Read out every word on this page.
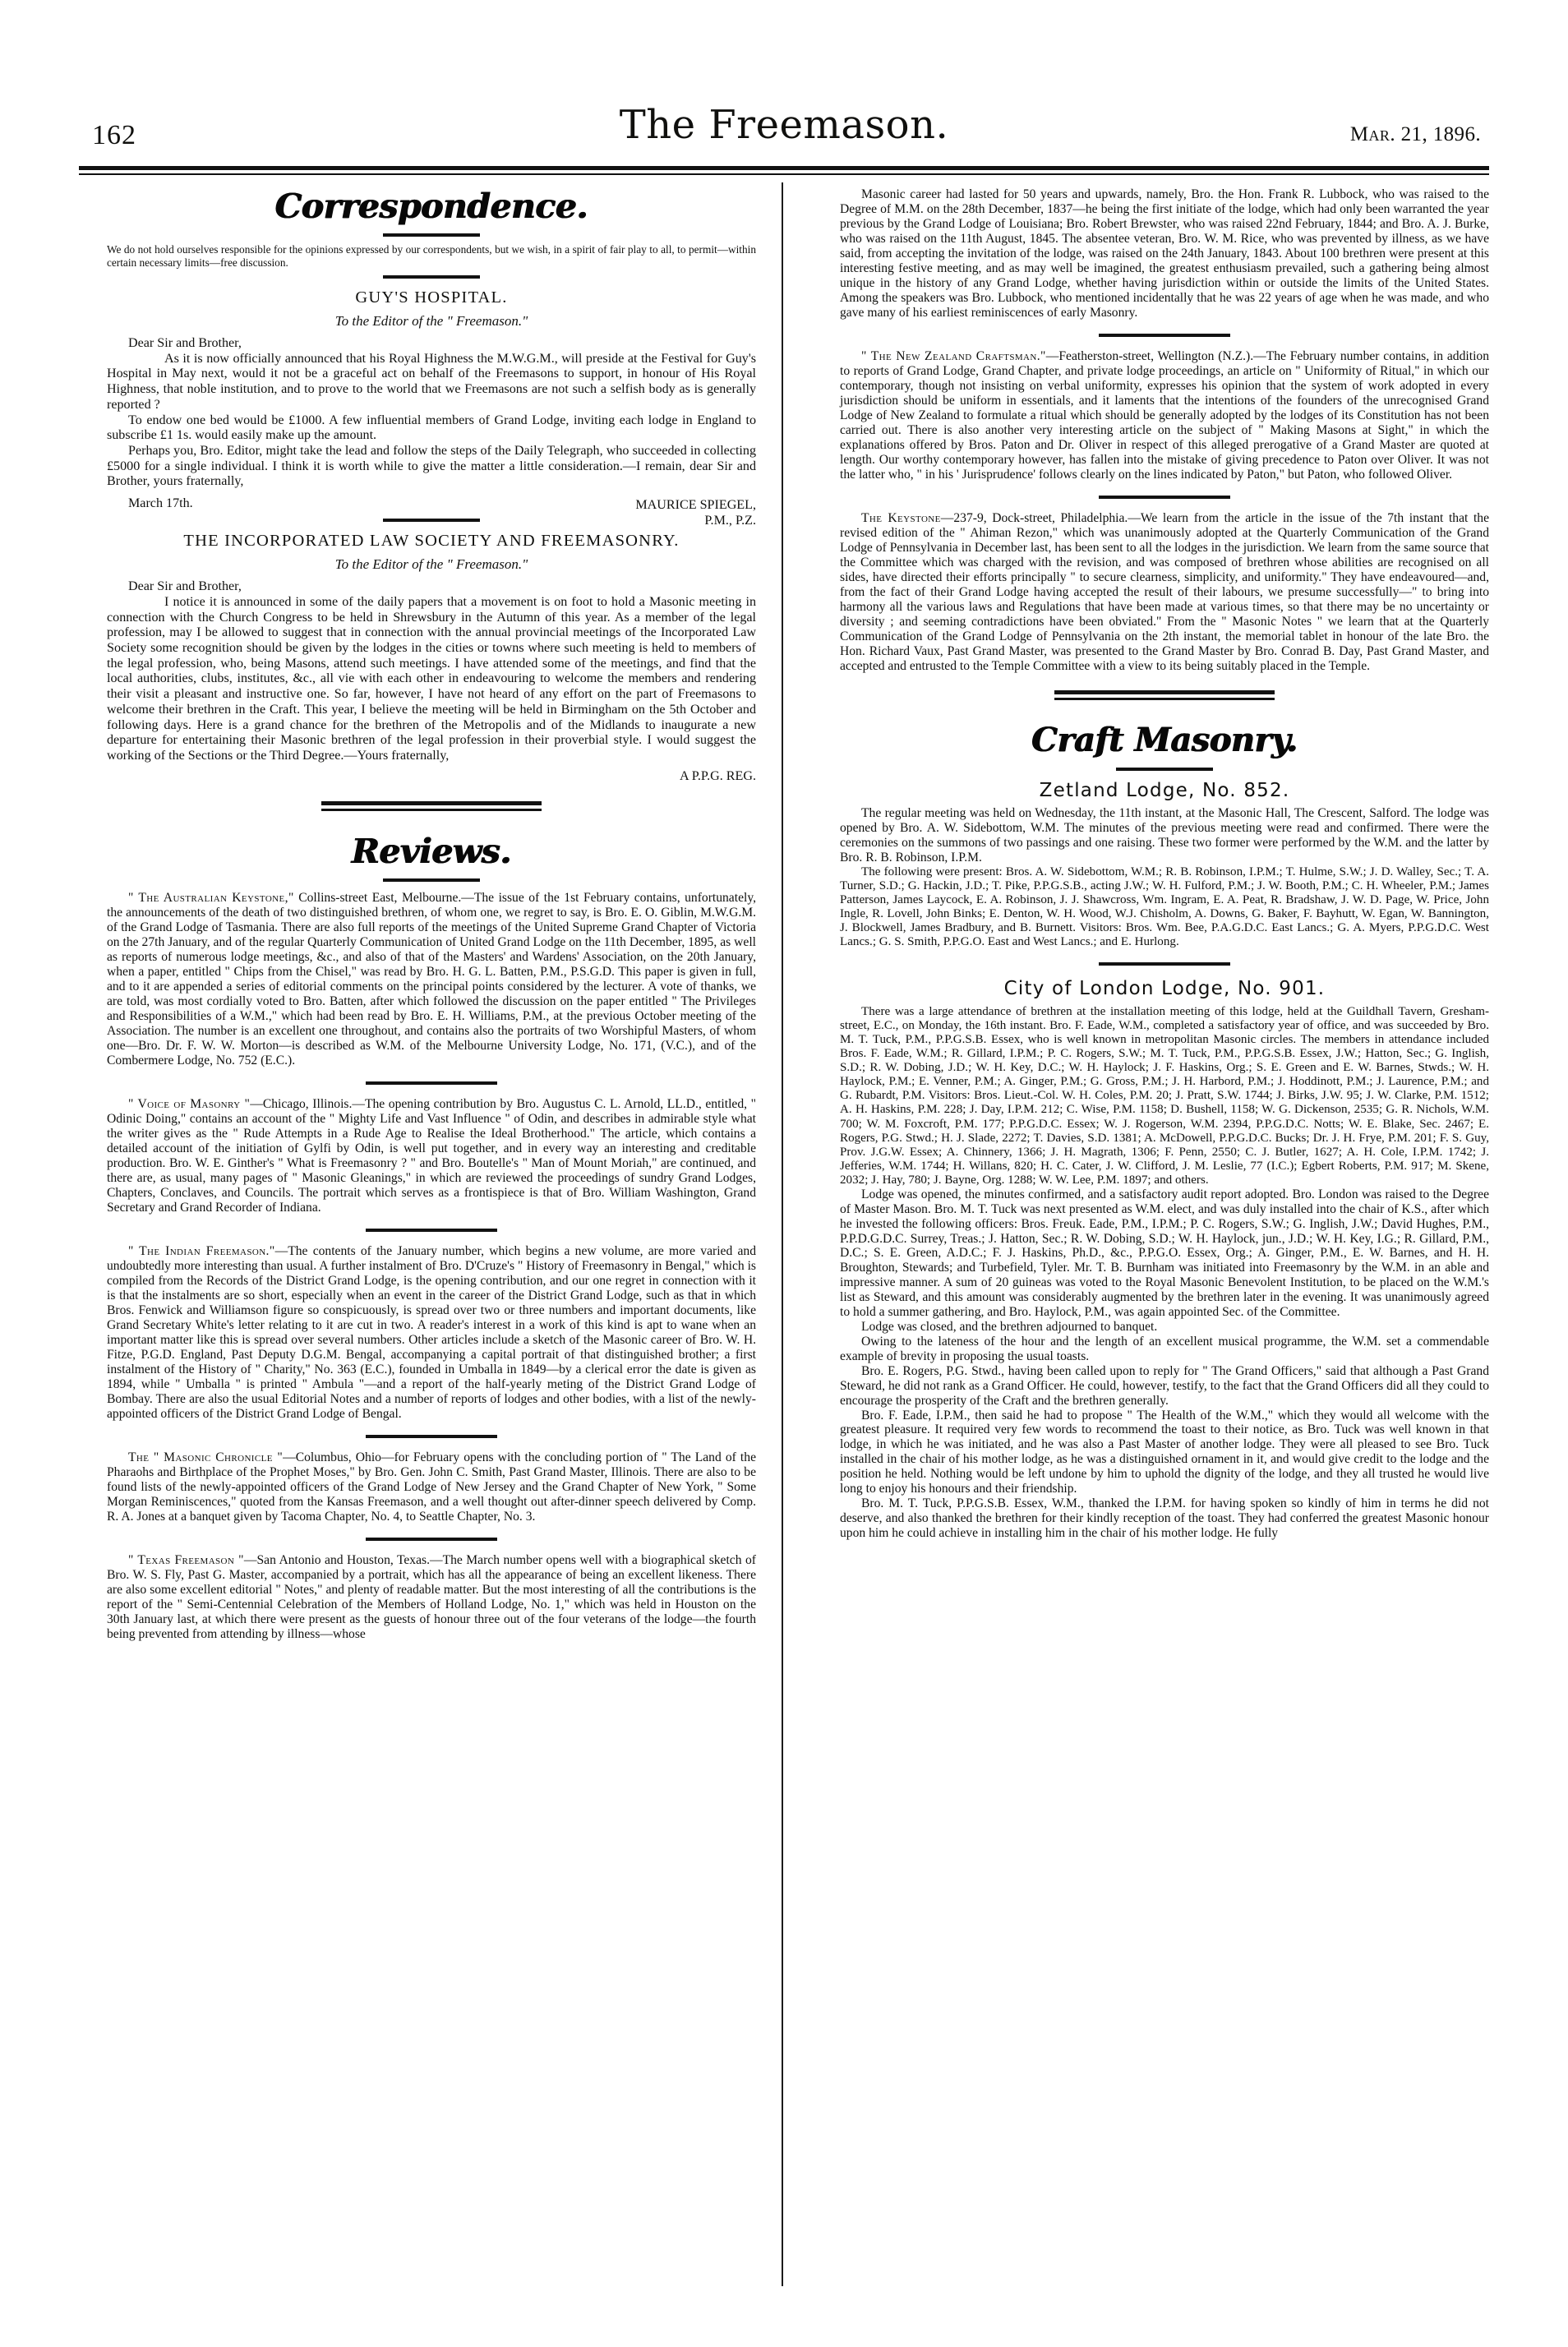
162	The Freemason.	Mar. 21, 1896.
Correspondence.
We do not hold ourselves responsible for the opinions expressed by our correspondents, but we wish, in a spirit of fair play to all, to permit—within certain necessary limits—free discussion.
GUY'S HOSPITAL.
To the Editor of the " Freemason."
Dear Sir and Brother,

As it is now officially announced that his Royal Highness the M.W.G.M., will preside at the Festival for Guy's Hospital in May next, would it not be a graceful act on behalf of the Freemasons to support, in honour of His Royal Highness, that noble institution, and to prove to the world that we Freemasons are not such a selfish body as is generally reported ?

To endow one bed would be £1000. A few influential members of Grand Lodge, inviting each lodge in England to subscribe £1 1s. would easily make up the amount.

Perhaps you, Bro. Editor, might take the lead and follow the steps of the Daily Telegraph, who succeeded in collecting £5000 for a single individual. I think it is worth while to give the matter a little consideration.—I remain, dear Sir and Brother, yours fraternally,

MAURICE SPIEGEL,
P.M., P.Z.
March 17th.
THE INCORPORATED LAW SOCIETY AND FREEMASONRY.
To the Editor of the " Freemason."
Dear Sir and Brother,

I notice it is announced in some of the daily papers that a movement is on foot to hold a Masonic meeting in connection with the Church Congress to be held in Shrewsbury in the Autumn of this year. As a member of the legal profession, may I be allowed to suggest that in connection with the annual provincial meetings of the Incorporated Law Society some recognition should be given by the lodges in the cities or towns where such meeting is held to members of the legal profession, who, being Masons, attend such meetings. I have attended some of the meetings, and find that the local authorities, clubs, institutes, &c., all vie with each other in endeavouring to welcome the members and rendering their visit a pleasant and instructive one. So far, however, I have not heard of any effort on the part of Freemasons to welcome their brethren in the Craft. This year, I believe the meeting will be held in Birmingham on the 5th October and following days. Here is a grand chance for the brethren of the Metropolis and of the Midlands to inaugurate a new departure for entertaining their Masonic brethren of the legal profession in their proverbial style. I would suggest the working of the Sections or the Third Degree.—Yours fraternally,

A P.P.G. REG.
Reviews.

" The Australian Keystone," Collins-street East, Melbourne.—The issue of the 1st February contains, unfortunately, the announcements of the death of two distinguished brethren, of whom one, we regret to say, is Bro. E. O. Giblin, M.W.G.M. of the Grand Lodge of Tasmania. There are also full reports of the meetings of the United Supreme Grand Chapter of Victoria on the 27th January, and of the regular Quarterly Communication of United Grand Lodge on the 11th December, 1895, as well as reports of numerous lodge meetings, &c., and also of that of the Masters' and Wardens' Association, on the 20th January, when a paper, entitled " Chips from the Chisel," was read by Bro. H. G. L. Batten, P.M., P.S.G.D. This paper is given in full, and to it are appended a series of editorial comments on the principal points considered by the lecturer. A vote of thanks, we are told, was most cordially voted to Bro. Batten, after which followed the discussion on the paper entitled " The Privileges and Responsibilities of a W.M.," which had been read by Bro. E. H. Williams, P.M., at the previous October meeting of the Association. The number is an excellent one throughout, and contains also the portraits of two Worshipful Masters, of whom one—Bro. Dr. F. W. W. Morton—is described as W.M. of the Melbourne University Lodge, No. 171, (V.C.), and of the Combermere Lodge, No. 752 (E.C.).

" Voice of Masonry "—Chicago, Illinois.—The opening contribution by Bro. Augustus C. L. Arnold, LL.D., entitled, " Odinic Doing," contains an account of the " Mighty Life and Vast Influence " of Odin, and describes in admirable style what the writer gives as the " Rude Attempts in a Rude Age to Realise the Ideal Brotherhood." The article, which contains a detailed account of the initiation of Gylfi by Odin, is well put together, and in every way an interesting and creditable production. Bro. W. E. Ginther's " What is Freemasonry ? " and Bro. Boutelle's " Man of Mount Moriah," are continued, and there are, as usual, many pages of " Masonic Gleanings," in which are reviewed the proceedings of sundry Grand Lodges, Chapters, Conclaves, and Councils. The portrait which serves as a frontispiece is that of Bro. William Washington, Grand Secretary and Grand Recorder of Indiana.

" The Indian Freemason."—The contents of the January number, which begins a new volume, are more varied and undoubtedly more interesting than usual. A further instalment of Bro. D'Cruze's " History of Freemasonry in Bengal," which is compiled from the Records of the District Grand Lodge, is the opening contribution, and our one regret in connection with it is that the instalments are so short, especially when an event in the career of the District Grand Lodge, such as that in which Bros. Fenwick and Williamson figure so conspicuously, is spread over two or three numbers and important documents, like Grand Secretary White's letter relating to it are cut in two. A reader's interest in a work of this kind is apt to wane when an important matter like this is spread over several numbers. Other articles include a sketch of the Masonic career of Bro. W. H. Fitze, P.G.D. England, Past Deputy D.G.M. Bengal, accompanying a capital portrait of that distinguished brother; a first instalment of the History of " Charity," No. 363 (E.C.), founded in Umballa in 1849—by a clerical error the date is given as 1894, while " Umballa " is printed " Ambula "—and a report of the half-yearly meting of the District Grand Lodge of Bombay. There are also the usual Editorial Notes and a number of reports of lodges and other bodies, with a list of the newly-appointed officers of the District Grand Lodge of Bengal.

The " Masonic Chronicle "—Columbus, Ohio—for February opens with the concluding portion of " The Land of the Pharaohs and Birthplace of the Prophet Moses," by Bro. Gen. John C. Smith, Past Grand Master, Illinois. There are also to be found lists of the newly-appointed officers of the Grand Lodge of New Jersey and the Grand Chapter of New York, " Some Morgan Reminiscences," quoted from the Kansas Freemason, and a well thought out after-dinner speech delivered by Comp. R. A. Jones at a banquet given by Tacoma Chapter, No. 4, to Seattle Chapter, No. 3.

" Texas Freemason "—San Antonio and Houston, Texas.—The March number opens well with a biographical sketch of Bro. W. S. Fly, Past G. Master, accompanied by a portrait, which has all the appearance of being an excellent likeness. There are also some excellent editorial " Notes," and plenty of readable matter. But the most interesting of all the contributions is the report of the " Semi-Centennial Celebration of the Members of Holland Lodge, No. 1," which was held in Houston on the 30th January last, at which there were present as the guests of honour three out of the four veterans of the lodge—the fourth being prevented from attending by illness—whose

Masonic career had lasted for 50 years and upwards, namely, Bro. the Hon. Frank R. Lubbock, who was raised to the Degree of M.M. on the 28th December, 1837—he being the first initiate of the lodge, which had only been warranted the year previous by the Grand Lodge of Louisiana; Bro. Robert Brewster, who was raised 22nd February, 1844; and Bro. A. J. Burke, who was raised on the 11th August, 1845. The absentee veteran, Bro. W. M. Rice, who was prevented by illness, as we have said, from accepting the invitation of the lodge, was raised on the 24th January, 1843. About 100 brethren were present at this interesting festive meeting, and as may well be imagined, the greatest enthusiasm prevailed, such a gathering being almost unique in the history of any Grand Lodge, whether having jurisdiction within or outside the limits of the United States. Among the speakers was Bro. Lubbock, who mentioned incidentally that he was 22 years of age when he was made, and who gave many of his earliest reminiscences of early Masonry.

" The New Zealand Craftsman."—Featherston-street, Wellington (N.Z.).—The February number contains, in addition to reports of Grand Lodge, Grand Chapter, and private lodge proceedings, an article on " Uniformity of Ritual," in which our contemporary, though not insisting on verbal uniformity, expresses his opinion that the system of work adopted in every jurisdiction should be uniform in essentials, and it laments that the intentions of the founders of the unrecognised Grand Lodge of New Zealand to formulate a ritual which should be generally adopted by the lodges of its Constitution has not been carried out. There is also another very interesting article on the subject of " Making Masons at Sight," in which the explanations offered by Bros. Paton and Dr. Oliver in respect of this alleged prerogative of a Grand Master are quoted at length. Our worthy contemporary however, has fallen into the mistake of giving precedence to Paton over Oliver. It was not the latter who, " in his ' Jurisprudence' follows clearly on the lines indicated by Paton," but Paton, who followed Oliver.

The Keystone—237-9, Dock-street, Philadelphia.—We learn from the article in the issue of the 7th instant that the revised edition of the " Ahiman Rezon," which was unanimously adopted at the Quarterly Communication of the Grand Lodge of Pennsylvania in December last, has been sent to all the lodges in the jurisdiction. We learn from the same source that the Committee which was charged with the revision, and was composed of brethren whose abilities are recognised on all sides, have directed their efforts principally " to secure clearness, simplicity, and uniformity." They have endeavoured—and, from the fact of their Grand Lodge having accepted the result of their labours, we presume successfully—" to bring into harmony all the various laws and Regulations that have been made at various times, so that there may be no uncertainty or diversity ; and seeming contradictions have been obviated." From the " Masonic Notes " we learn that at the Quarterly Communication of the Grand Lodge of Pennsylvania on the 2th instant, the memorial tablet in honour of the late Bro. the Hon. Richard Vaux, Past Grand Master, was presented to the Grand Master by Bro. Conrad B. Day, Past Grand Master, and accepted and entrusted to the Temple Committee with a view to its being suitably placed in the Temple.

Craft Masonry.
Zetland Lodge, No. 852.

The regular meeting was held on Wednesday, the 11th instant, at the Masonic Hall, The Crescent, Salford. The lodge was opened by Bro. A. W. Sidebottom, W.M. The minutes of the previous meeting were read and confirmed. There were the ceremonies on the summons of two passings and one raising. These two former were performed by the W.M. and the latter by Bro. R. B. Robinson, I.P.M.

The following were present: Bros. A. W. Sidebottom, W.M.; R. B. Robinson, I.P.M.; T. Hulme, S.W.; J. D. Walley, Sec.; T. A. Turner, S.D.; G. Hackin, J.D.; T. Pike, P.P.G.S.B., acting J.W.; W. H. Fulford, P.M.; J. W. Booth, P.M.; C. H. Wheeler, P.M.; James Patterson, James Laycock, E. A. Robinson, J. J. Shawcross, Wm. Ingram, E. A. Peat, R. Bradshaw, J. W. D. Page, W. Price, John Ingle, R. Lovell, John Binks; E. Denton, W. H. Wood, W.J. Chisholm, A. Downs, G. Baker, F. Bayhutt, W. Egan, W. Bannington, J. Blockwell, James Bradbury, and B. Burnett. Visitors: Bros. Wm. Bee, P.A.G.D.C. East Lancs.; G. A. Myers, P.P.G.D.C. West Lancs.; G. S. Smith, P.P.G.O. East and West Lancs.; and E. Hurlong.

City of London Lodge, No. 901.

There was a large attendance of brethren at the installation meeting of this lodge, held at the Guildhall Tavern, Gresham-street, E.C., on Monday, the 16th instant. Bro. F. Eade, W.M., completed a satisfactory year of office, and was succeeded by Bro. M. T. Tuck, P.M., P.P.G.S.B. Essex, who is well known in metropolitan Masonic circles. The members in attendance included Bros. F. Eade, W.M.; R. Gillard, I.P.M.; P. C. Rogers, S.W.; M. T. Tuck, P.M., P.P.G.S.B. Essex, J.W.; Hatton, Sec.; G. Inglish, S.D.; R. W. Dobing, J.D.; W. H. Key, D.C.; W. H. Haylock; J. F. Haskins, Org.; S. E. Green and E. W. Barnes, Stwds.; W. H. Haylock, P.M.; E. Venner, P.M.; A. Ginger, P.M.; G. Gross, P.M.; J. H. Harbord, P.M.; J. Hoddinott, P.M.; J. Laurence, P.M.; and G. Rubardt, P.M. Visitors: Bros. Lieut.-Col. W. H. Coles, P.M. 20; J. Pratt, S.W. 1744; J. Birks, J.W. 95; J. W. Clarke, P.M. 1512; A. H. Haskins, P.M. 228; J. Day, I.P.M. 212; C. Wise, P.M. 1158; D. Bushell, 1158; W. G. Dickenson, 2535; G. R. Nichols, W.M. 700; W. M. Foxcroft, P.M. 177; P.P.G.D.C. Essex; W. J. Rogerson, W.M. 2394, P.P.G.D.C. Notts; W. E. Blake, Sec. 2467; E. Rogers, P.G. Stwd.; H. J. Slade, 2272; T. Davies, S.D. 1381; A. McDowell, P.P.G.D.C. Bucks; Dr. J. H. Frye, P.M. 201; F. S. Guy, Prov. J.G.W. Essex; A. Chinnery, 1366; J. H. Magrath, 1306; F. Penn, 2550; C. J. Butler, 1627; A. H. Cole, I.P.M. 1742; J. Jefferies, W.M. 1744; H. Willans, 820; H. C. Cater, J. W. Clifford, J. M. Leslie, 77 (I.C.); Egbert Roberts, P.M. 917; M. Skene, 2032; J. Hay, 780; J. Bayne, Org. 1288; W. W. Lee, P.M. 1897; and others.

Lodge was opened, the minutes confirmed, and a satisfactory audit report adopted. Bro. London was raised to the Degree of Master Mason. Bro. M. T. Tuck was next presented as W.M. elect, and was duly installed into the chair of K.S., after which he invested the following officers: Bros. Freuk. Eade, P.M., I.P.M.; P. C. Rogers, S.W.; G. Inglish, J.W.; David Hughes, P.M., P.P.D.G.D.C. Surrey, Treas.; J. Hatton, Sec.; R. W. Dobing, S.D.; W. H. Haylock, jun., J.D.; W. H. Key, I.G.; R. Gillard, P.M., D.C.; S. E. Green, A.D.C.; F. J. Haskins, Ph.D., &c., P.P.G.O. Essex, Org.; A. Ginger, P.M., E. W. Barnes, and H. H. Broughton, Stewards; and Turbefield, Tyler. Mr. T. B. Burnham was initiated into Freemasonry by the W.M. in an able and impressive manner. A sum of 20 guineas was voted to the Royal Masonic Benevolent Institution, to be placed on the W.M.'s list as Steward, and this amount was considerably augmented by the brethren later in the evening. It was unanimously agreed to hold a summer gathering, and Bro. Haylock, P.M., was again appointed Sec. of the Committee.

Lodge was closed, and the brethren adjourned to banquet.

Owing to the lateness of the hour and the length of an excellent musical programme, the W.M. set a commendable example of brevity in proposing the usual toasts.

Bro. E. Rogers, P.G. Stwd., having been called upon to reply for " The Grand Officers," said that although a Past Grand Steward, he did not rank as a Grand Officer. He could, however, testify, to the fact that the Grand Officers did all they could to encourage the prosperity of the Craft and the brethren generally.

Bro. F. Eade, I.P.M., then said he had to propose " The Health of the W.M.," which they would all welcome with the greatest pleasure. It required very few words to recommend the toast to their notice, as Bro. Tuck was well known in that lodge, in which he was initiated, and he was also a Past Master of another lodge. They were all pleased to see Bro. Tuck installed in the chair of his mother lodge, as he was a distinguished ornament in it, and would give credit to the lodge and the position he held. Nothing would be left undone by him to uphold the dignity of the lodge, and they all trusted he would live long to enjoy his honours and their friendship.

Bro. M. T. Tuck, P.P.G.S.B. Essex, W.M., thanked the I.P.M. for having spoken so kindly of him in terms he did not deserve, and also thanked the brethren for their kindly reception of the toast. They had conferred the greatest Masonic honour upon him he could achieve in installing him in the chair of his mother lodge. He fully
